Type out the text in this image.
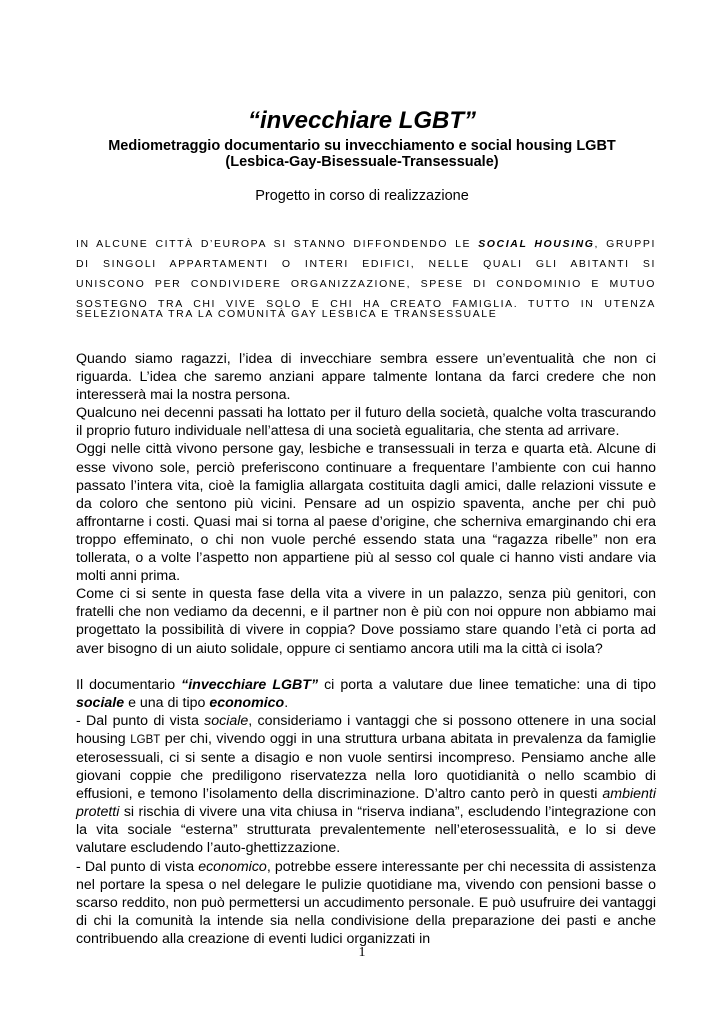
“invecchiare LGBT”
Mediometraggio documentario su invecchiamento e social housing LGBT
(Lesbica-Gay-Bisessuale-Transessuale)
Progetto in corso di realizzazione
IN ALCUNE CITTÀ D’EUROPA SI STANNO DIFFONDENDO LE SOCIAL HOUSING, GRUPPI
DI SINGOLI APPARTAMENTI O INTERI EDIFICI, NELLE QUALI GLI ABITANTI SI
UNISCONO PER CONDIVIDERE ORGANIZZAZIONE, SPESE DI CONDOMINIO E MUTUO
SOSTEGNO TRA CHI VIVE SOLO E CHI HA CREATO FAMIGLIA. TUTTO IN UTENZA
SELEZIONATA TRA LA COMUNITÀ GAY LESBICA E TRANSESSUALE

Quando siamo ragazzi, l’idea di invecchiare sembra essere un’eventualità che non ci riguarda. L’idea che saremo anziani appare talmente lontana da farci credere che non interesserà mai la nostra persona.

Qualcuno nei decenni passati ha lottato per il futuro della società, qualche volta trascurando il proprio futuro individuale nell’attesa di una società egualitaria, che stenta ad arrivare.

Oggi nelle città vivono persone gay, lesbiche e transessuali in terza e quarta età. Alcune di esse vivono sole, perciò preferiscono continuare a frequentare l’ambiente con cui hanno passato l’intera vita, cioè la famiglia allargata costituita dagli amici, dalle relazioni vissute e da coloro che sentono più vicini. Pensare ad un ospizio spaventa, anche per chi può affrontarne i costi. Quasi mai si torna al paese d’origine, che scherniva emarginando chi era troppo effeminato, o chi non vuole perché essendo stata una “ragazza ribelle” non era tollerata, o a volte l’aspetto non appartiene più al sesso col quale ci hanno visti andare via molti anni prima.

Come ci si sente in questa fase della vita a vivere in un palazzo, senza più genitori, con fratelli che non vediamo da decenni, e il partner non è più con noi oppure non abbiamo mai progettato la possibilità di vivere in coppia? Dove possiamo stare quando l’età ci porta ad aver bisogno di un aiuto solidale, oppure ci sentiamo ancora utili ma la città ci isola?

Il documentario “invecchiare LGBT” ci porta a valutare due linee tematiche: una di tipo sociale e una di tipo economico.

- Dal punto di vista sociale, consideriamo i vantaggi che si possono ottenere in una social housing LGBT per chi, vivendo oggi in una struttura urbana abitata in prevalenza da famiglie eterosessuali, ci si sente a disagio e non vuole sentirsi incompreso. Pensiamo anche alle giovani coppie che prediligono riservatezza nella loro quotidianità o nello scambio di effusioni, e temono l’isolamento della discriminazione. D’altro canto però in questi ambienti protetti si rischia di vivere una vita chiusa in “riserva indiana”, escludendo l’integrazione con la vita sociale “esterna” strutturata prevalentemente nell’eterosessualità, e lo si deve valutare escludendo l’auto-ghettizzazione.

- Dal punto di vista economico, potrebbe essere interessante per chi necessita di assistenza nel portare la spesa o nel delegare le pulizie quotidiane ma, vivendo con pensioni basse o scarso reddito, non può permettersi un accudimento personale. E può usufruire dei vantaggi di chi la comunità la intende sia nella condivisione della preparazione dei pasti e anche contribuendo alla creazione di eventi ludici organizzati in

1
